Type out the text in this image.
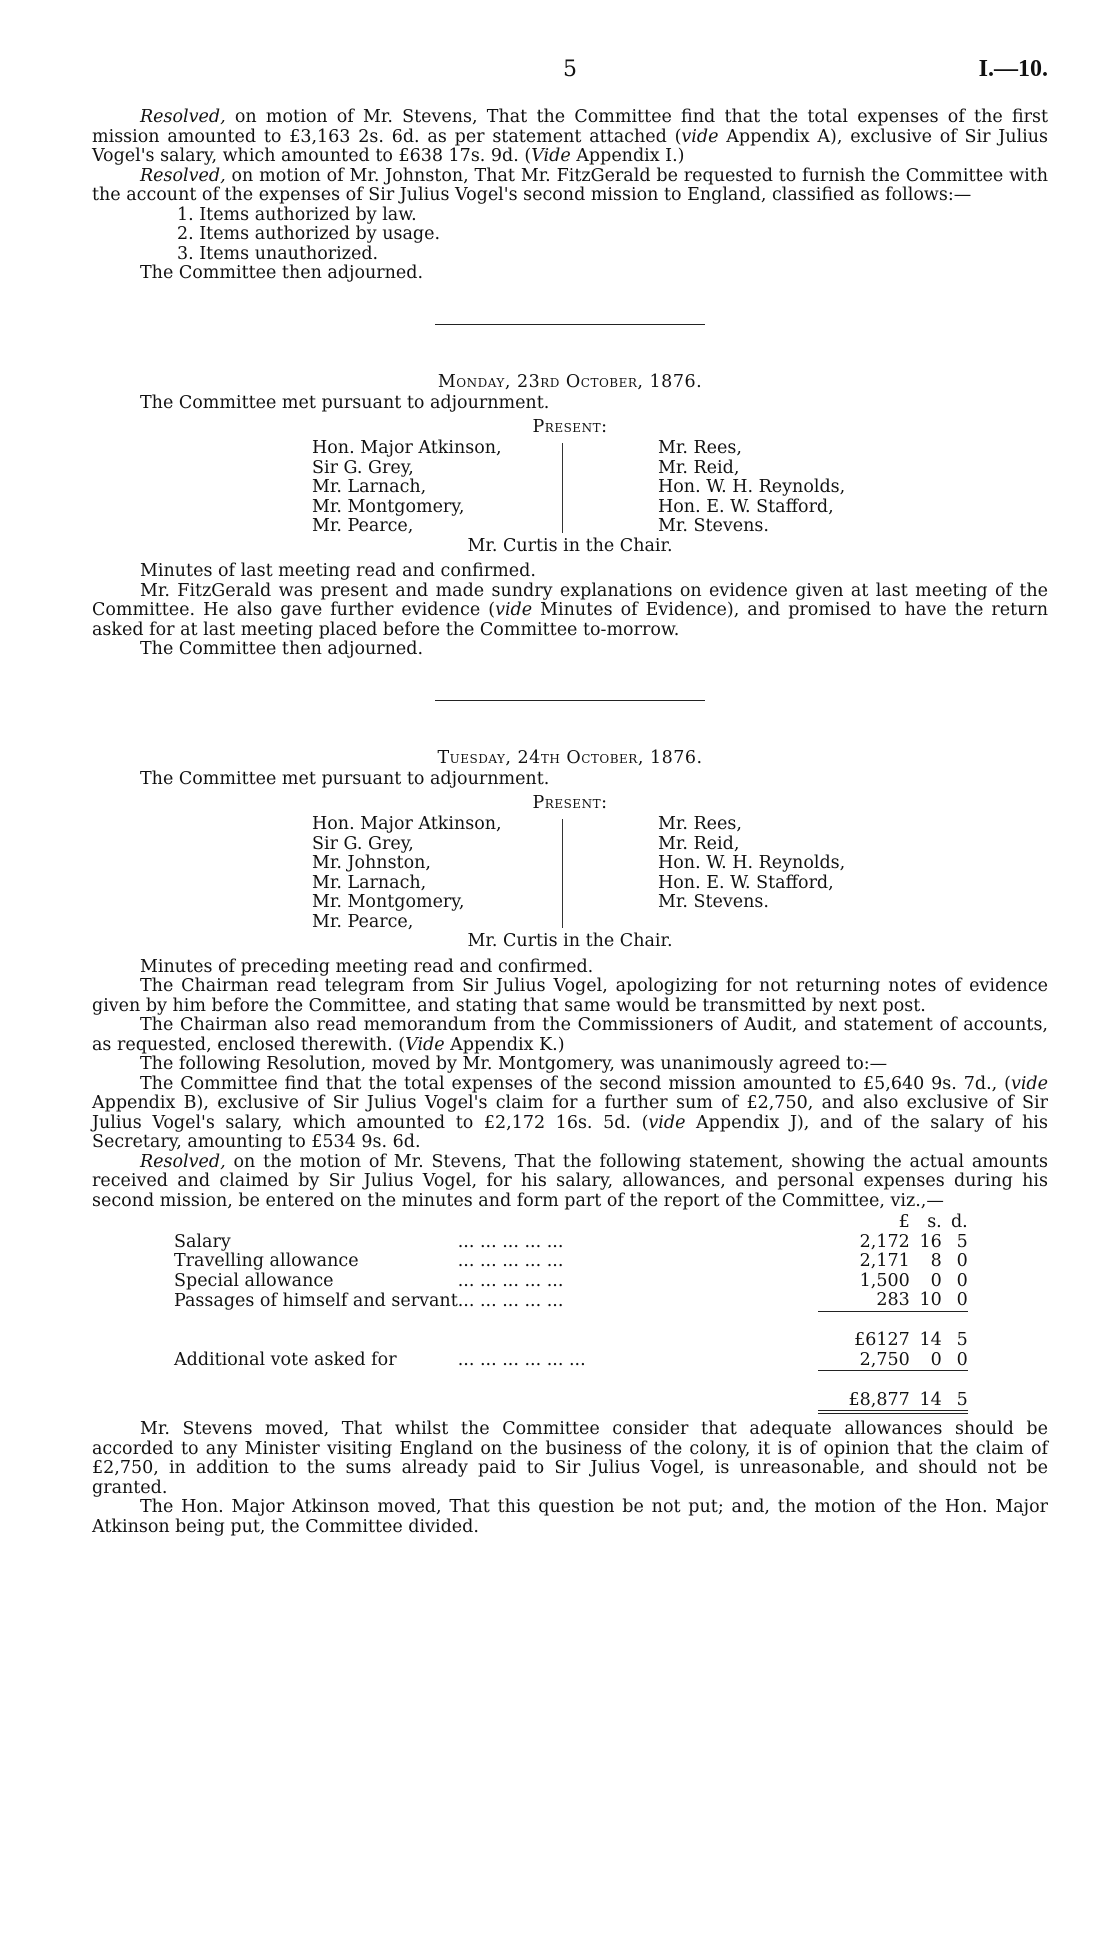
5	I.—10.

Resolved, on motion of Mr. Stevens, That the Committee find that the total expenses of the first mission amounted to £3,163 2s. 6d. as per statement attached (vide Appendix A), exclusive of Sir Julius Vogel's salary, which amounted to £638 17s. 9d. (Vide Appendix I.)

Resolved, on motion of Mr. Johnston, That Mr. FitzGerald be requested to furnish the Committee with the account of the expenses of Sir Julius Vogel's second mission to England, classified as follows:—

1. Items authorized by law.
2. Items authorized by usage.
3. Items unauthorized.

The Committee then adjourned.

Monday, 23rd October, 1876.

The Committee met pursuant to adjournment.

Present:
Hon. Major Atkinson,
Sir G. Grey,
Mr. Larnach,
Mr. Montgomery,
Mr. Pearce,
Mr. Rees,
Mr. Reid,
Hon. W. H. Reynolds,
Hon. E. W. Stafford,
Mr. Stevens.
Mr. Curtis in the Chair.

Minutes of last meeting read and confirmed.

Mr. FitzGerald was present and made sundry explanations on evidence given at last meeting of the Committee. He also gave further evidence (vide Minutes of Evidence), and promised to have the return asked for at last meeting placed before the Committee to-morrow.

The Committee then adjourned.

Tuesday, 24th October, 1876.

The Committee met pursuant to adjournment.

Present:
Hon. Major Atkinson,
Sir G. Grey,
Mr. Johnston,
Mr. Larnach,
Mr. Montgomery,
Mr. Pearce,
Mr. Rees,
Mr. Reid,
Hon. W. H. Reynolds,
Hon. E. W. Stafford,
Mr. Stevens.
Mr. Curtis in the Chair.

Minutes of preceding meeting read and confirmed.

The Chairman read telegram from Sir Julius Vogel, apologizing for not returning notes of evidence given by him before the Committee, and stating that same would be transmitted by next post.

The Chairman also read memorandum from the Commissioners of Audit, and statement of accounts, as requested, enclosed therewith. (Vide Appendix K.)

The following Resolution, moved by Mr. Montgomery, was unanimously agreed to:—

The Committee find that the total expenses of the second mission amounted to £5,640 9s. 7d., (vide Appendix B), exclusive of Sir Julius Vogel's claim for a further sum of £2,750, and also exclusive of Sir Julius Vogel's salary, which amounted to £2,172 16s. 5d. (vide Appendix J), and of the salary of his Secretary, amounting to £534 9s. 6d.

Resolved, on the motion of Mr. Stevens, That the following statement, showing the actual amounts received and claimed by Sir Julius Vogel, for his salary, allowances, and personal expenses during his second mission, be entered on the minutes and form part of the report of the Committee, viz.,—

		£	s.	d.
Salary	... ... ... ... ...	2,172	16	5
Travelling allowance	... ... ... ... ...	2,171	8	0
Special allowance	... ... ... ... ...	1,500	0	0
Passages of himself and servant	... ... ... ... ...	283	10	0

		£6127	14	5
Additional vote asked for	... ... ... ... ... ...	2,750	0	0

		£8,877	14	5

Mr. Stevens moved, That whilst the Committee consider that adequate allowances should be accorded to any Minister visiting England on the business of the colony, it is of opinion that the claim of £2,750, in addition to the sums already paid to Sir Julius Vogel, is unreasonable, and should not be granted.

The Hon. Major Atkinson moved, That this question be not put; and, the motion of the Hon. Major Atkinson being put, the Committee divided.
